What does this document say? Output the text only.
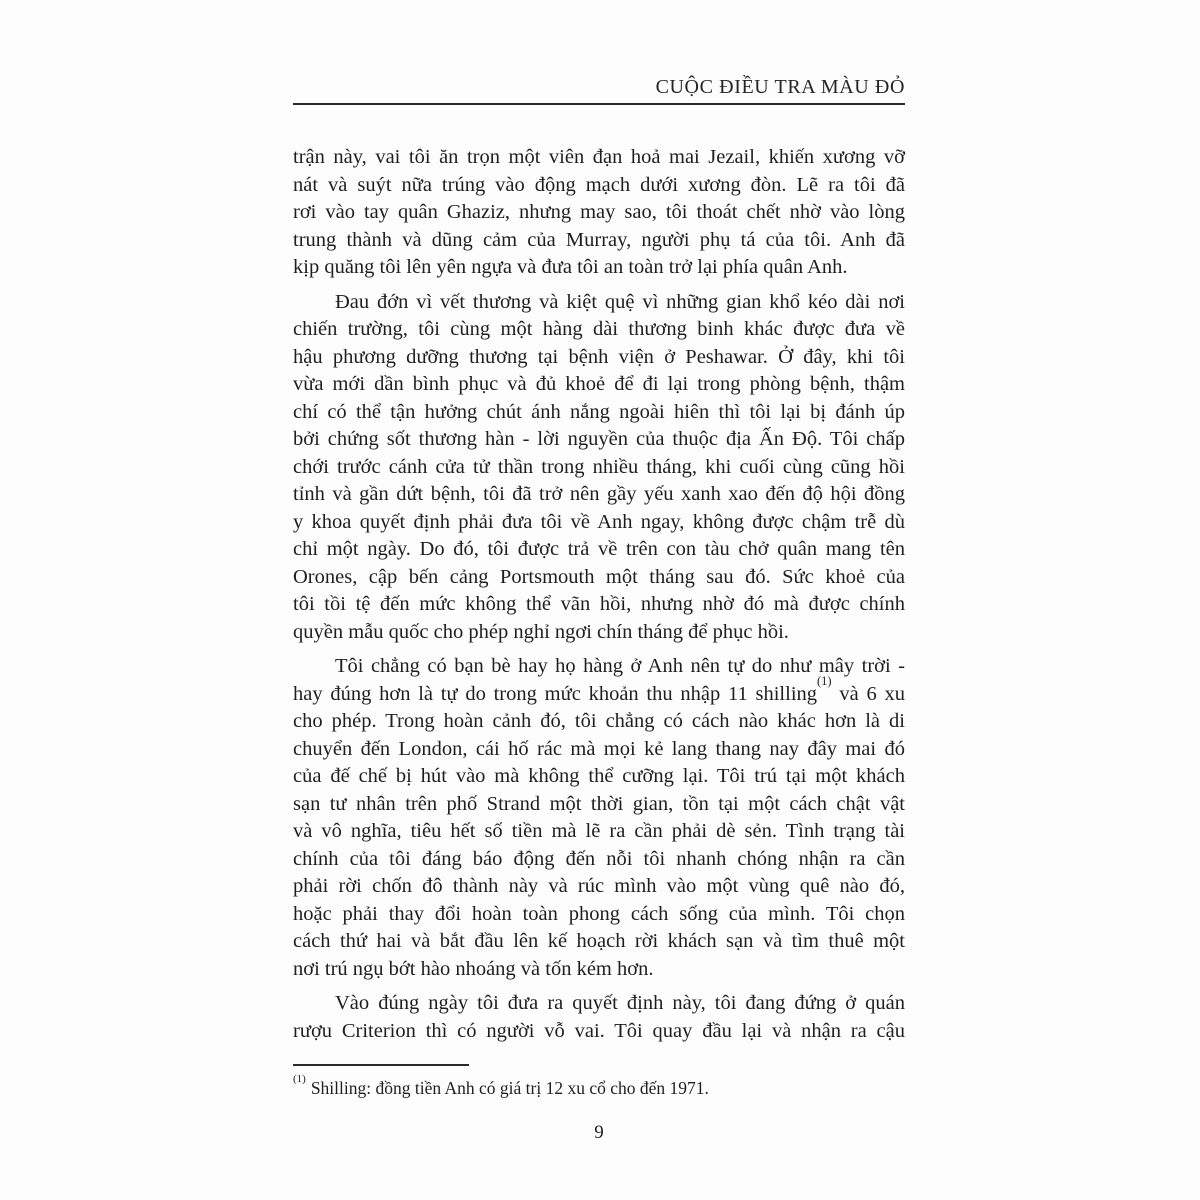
CUỘC ĐIỀU TRA MÀU ĐỎ

trận này, vai tôi ăn trọn một viên đạn hoả mai Jezail, khiến xương vỡ
nát và suýt nữa trúng vào động mạch dưới xương đòn. Lẽ ra tôi đã
rơi vào tay quân Ghaziz, nhưng may sao, tôi thoát chết nhờ vào lòng
trung thành và dũng cảm của Murray, người phụ tá của tôi. Anh đã
kịp quăng tôi lên yên ngựa và đưa tôi an toàn trở lại phía quân Anh.

Đau đớn vì vết thương và kiệt quệ vì những gian khổ kéo dài nơi
chiến trường, tôi cùng một hàng dài thương binh khác được đưa về
hậu phương dưỡng thương tại bệnh viện ở Peshawar. Ở đây, khi tôi
vừa mới dần bình phục và đủ khoẻ để đi lại trong phòng bệnh, thậm
chí có thể tận hưởng chút ánh nắng ngoài hiên thì tôi lại bị đánh úp
bởi chứng sốt thương hàn - lời nguyền của thuộc địa Ấn Độ. Tôi chấp
chới trước cánh cửa tử thần trong nhiều tháng, khi cuối cùng cũng hồi
tỉnh và gần dứt bệnh, tôi đã trở nên gầy yếu xanh xao đến độ hội đồng
y khoa quyết định phải đưa tôi về Anh ngay, không được chậm trễ dù
chỉ một ngày. Do đó, tôi được trả về trên con tàu chở quân mang tên
Orones, cập bến cảng Portsmouth một tháng sau đó. Sức khoẻ của
tôi tồi tệ đến mức không thể vãn hồi, nhưng nhờ đó mà được chính
quyền mẫu quốc cho phép nghỉ ngơi chín tháng để phục hồi.

Tôi chẳng có bạn bè hay họ hàng ở Anh nên tự do như mây trời -
hay đúng hơn là tự do trong mức khoản thu nhập 11 shilling$^{(1)}$ và 6 xu
cho phép. Trong hoàn cảnh đó, tôi chẳng có cách nào khác hơn là di
chuyển đến London, cái hố rác mà mọi kẻ lang thang nay đây mai đó
của đế chế bị hút vào mà không thể cưỡng lại. Tôi trú tại một khách
sạn tư nhân trên phố Strand một thời gian, tồn tại một cách chật vật
và vô nghĩa, tiêu hết số tiền mà lẽ ra cần phải dè sẻn. Tình trạng tài
chính của tôi đáng báo động đến nỗi tôi nhanh chóng nhận ra cần
phải rời chốn đô thành này và rúc mình vào một vùng quê nào đó,
hoặc phải thay đổi hoàn toàn phong cách sống của mình. Tôi chọn
cách thứ hai và bắt đầu lên kế hoạch rời khách sạn và tìm thuê một
nơi trú ngụ bớt hào nhoáng và tốn kém hơn.

Vào đúng ngày tôi đưa ra quyết định này, tôi đang đứng ở quán
rượu Criterion thì có người vỗ vai. Tôi quay đầu lại và nhận ra cậu

$^{(1)}$ Shilling: đồng tiền Anh có giá trị 12 xu cổ cho đến 1971.
9
